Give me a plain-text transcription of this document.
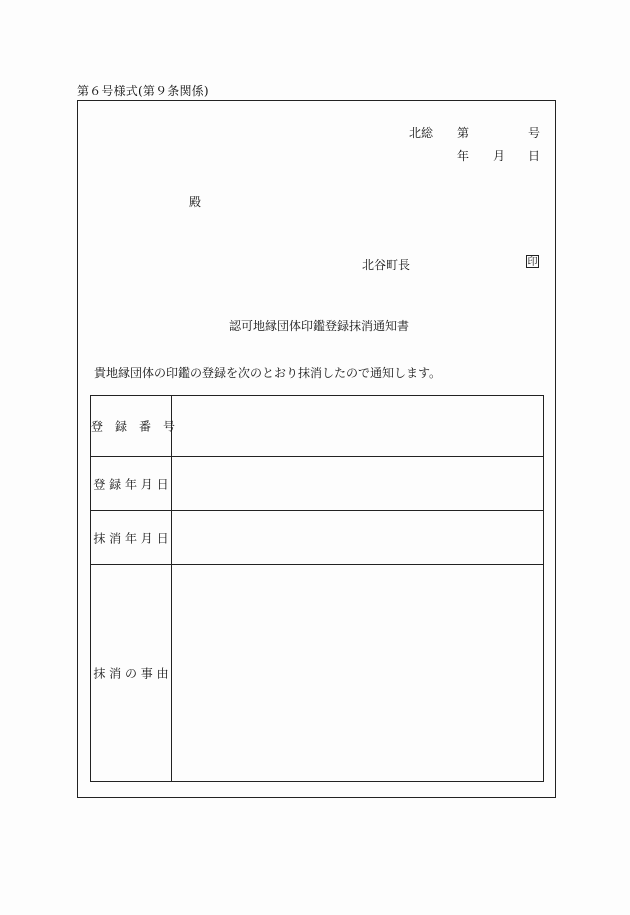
第６号様式(第９条関係)
北総 第	号
年 月 日
殿
北谷町長	印
認可地縁団体印鑑登録抹消通知書
貴地縁団体の印鑑の登録を次のとおり抹消したので通知します。
登　録　番　号
登 録 年 月 日
抹 消 年 月 日
抹 消 の 事 由
